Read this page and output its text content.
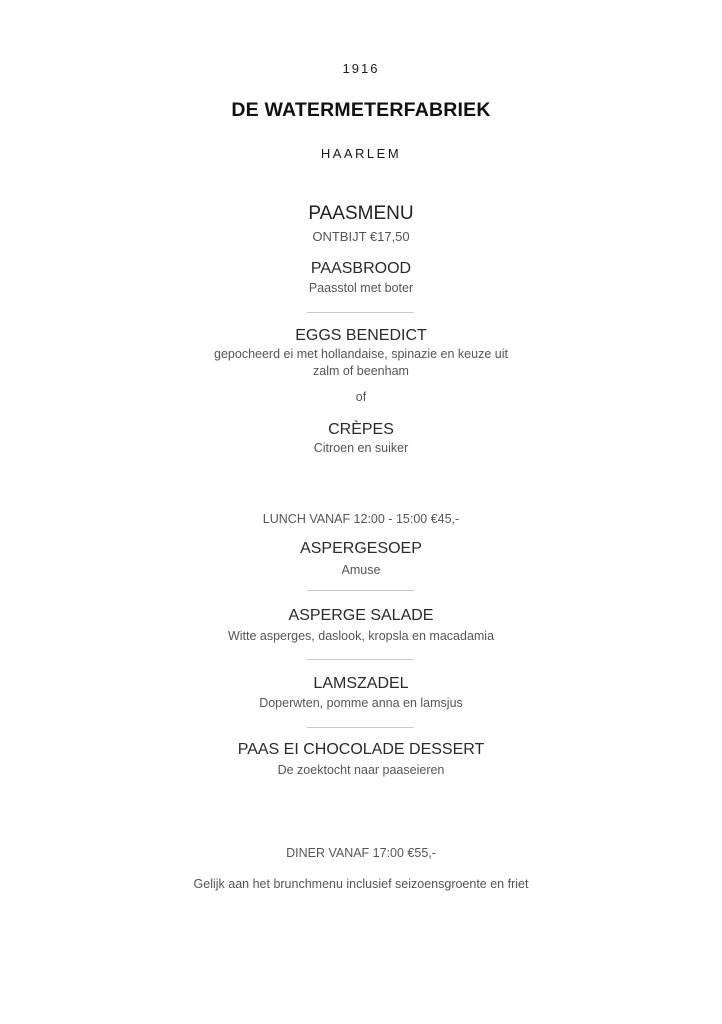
1916
DE WATERMETERFABRIEK
HAARLEM
PAASMENU
ONTBIJT €17,50
PAASBROOD
Paasstol met boter
EGGS BENEDICT
gepocheerd ei met hollandaise, spinazie en keuze uit
zalm of beenham
of
CRÈPES
Citroen en suiker
LUNCH VANAF 12:00 - 15:00 €45,-
ASPERGESOEP
Amuse
ASPERGE SALADE
Witte asperges, daslook, kropsla en macadamia
LAMSZADEL
Doperwten, pomme anna en lamsjus
PAAS EI CHOCOLADE DESSERT
De zoektocht naar paaseieren
DINER VANAF 17:00 €55,-
Gelijk aan het brunchmenu inclusief seizoensgroente en friet
